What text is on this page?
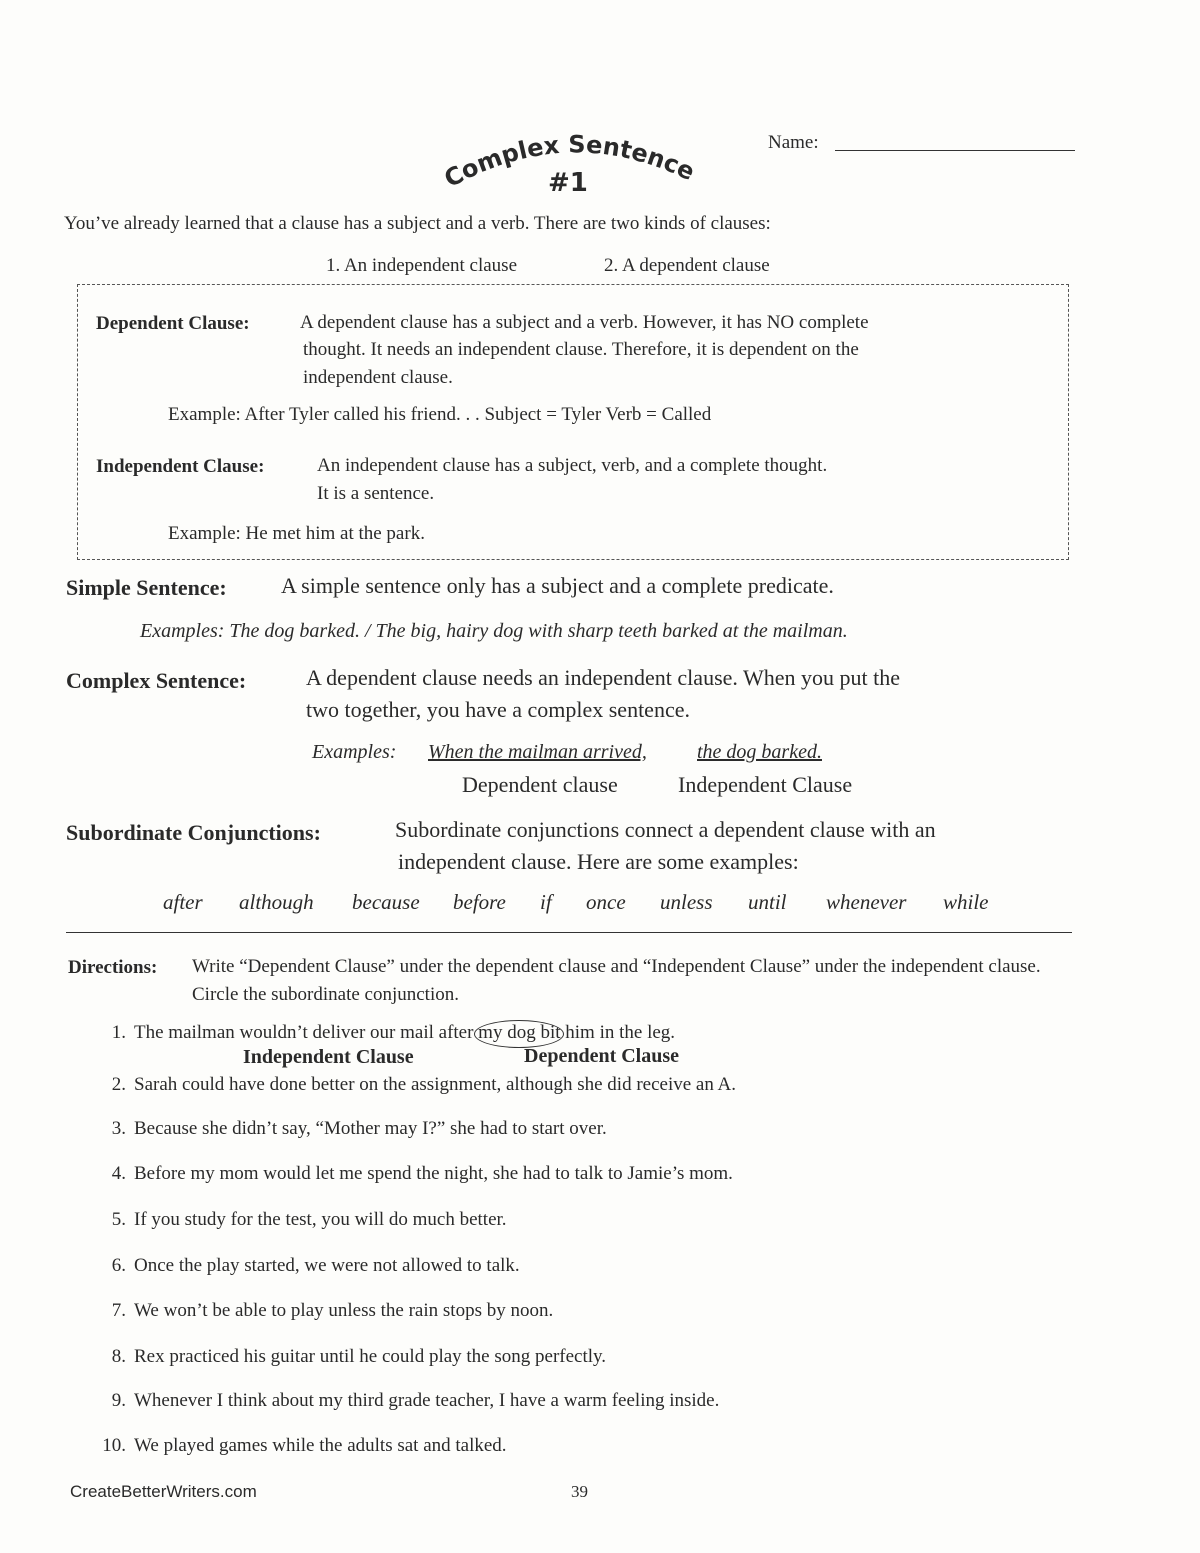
Complex Sentences
#1
Name:
You’ve already learned that a clause has a subject and a verb. There are two kinds of clauses:
1. An independent clause	2. A dependent clause
Dependent Clause:	A dependent clause has a subject and a verb. However, it has NO complete
thought. It needs an independent clause. Therefore, it is dependent on the
independent clause.
Example: After Tyler called his friend. . . Subject = Tyler Verb = Called
Independent Clause:	An independent clause has a subject, verb, and a complete thought.
It is a sentence.
Example: He met him at the park.
Simple Sentence: A simple sentence only has a subject and a complete predicate.
Examples: The dog barked. / The big, hairy dog with sharp teeth barked at the mailman.
Complex Sentence:	A dependent clause needs an independent clause. When you put the
two together, you have a complex sentence.
Examples: When the mailman arrived,	the dog barked.
Dependent clause	Independent Clause
Subordinate Conjunctions:	Subordinate conjunctions connect a dependent clause with an
independent clause. Here are some examples:
after although because before if once unless until whenever while
Directions: Write “Dependent Clause” under the dependent clause and “Independent Clause” under the independent clause. Circle the subordinate conjunction.
1. The mailman wouldn’t deliver our mail after my dog bit him in the leg.
Independent Clause	Dependent Clause
2. Sarah could have done better on the assignment, although she did receive an A.
3. Because she didn’t say, “Mother may I?” she had to start over.
4. Before my mom would let me spend the night, she had to talk to Jamie’s mom.
5. If you study for the test, you will do much better.
6. Once the play started, we were not allowed to talk.
7. We won’t be able to play unless the rain stops by noon.
8. Rex practiced his guitar until he could play the song perfectly.
9. Whenever I think about my third grade teacher, I have a warm feeling inside.
10. We played games while the adults sat and talked.
CreateBetterWriters.com	39
